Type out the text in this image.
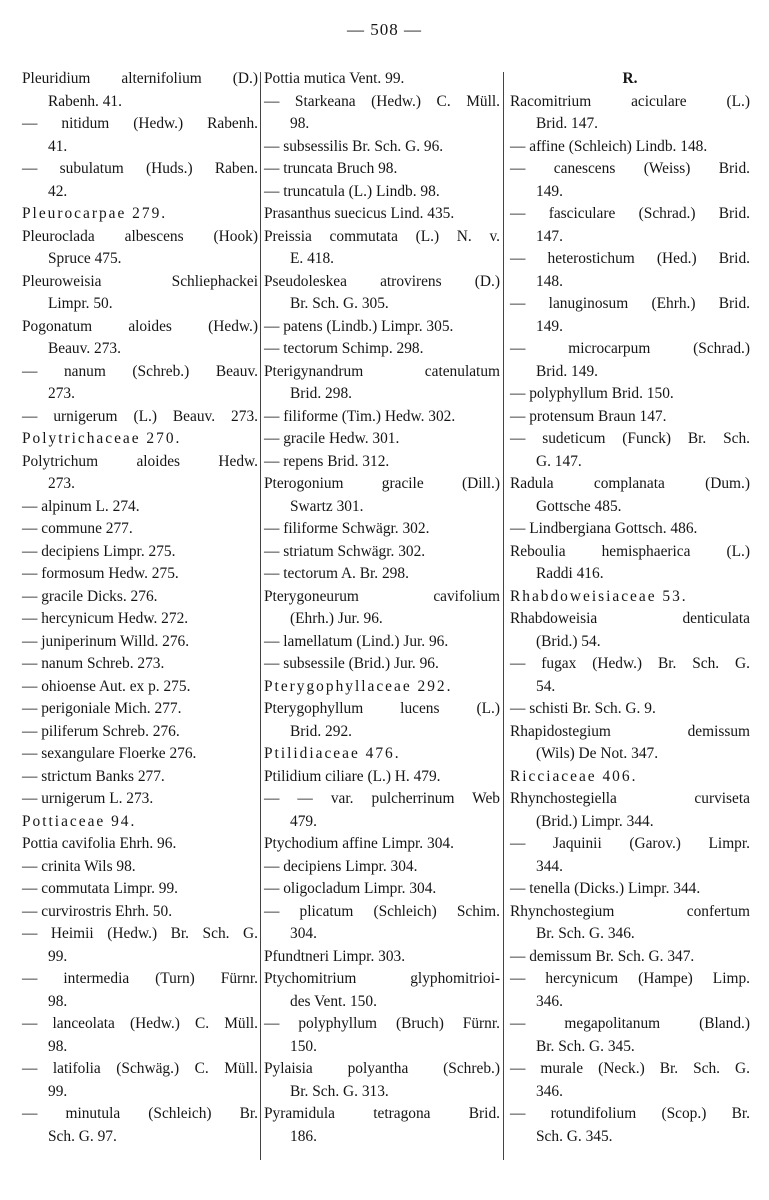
— 508 —
Pleuridium alternifolium (D.)
Rabenh. 41.
— nitidum (Hedw.) Rabenh.
41.
— subulatum (Huds.) Raben.
42.
Pleurocarpae 279.
Pleuroclada albescens (Hook)
Spruce 475.
Pleuroweisia Schliephackei
Limpr. 50.
Pogonatum aloides (Hedw.)
Beauv. 273.
— nanum (Schreb.) Beauv.
273.
— urnigerum (L.) Beauv. 273.
Polytrichaceae 270.
Polytrichum aloides Hedw.
273.
— alpinum L. 274.
— commune 277.
— decipiens Limpr. 275.
— formosum Hedw. 275.
— gracile Dicks. 276.
— hercynicum Hedw. 272.
— juniperinum Willd. 276.
— nanum Schreb. 273.
— ohioense Aut. ex p. 275.
— perigoniale Mich. 277.
— piliferum Schreb. 276.
— sexangulare Floerke 276.
— strictum Banks 277.
— urnigerum L. 273.
Pottiaceae 94.
Pottia cavifolia Ehrh. 96.
— crinita Wils 98.
— commutata Limpr. 99.
— curvirostris Ehrh. 50.
— Heimii (Hedw.) Br. Sch. G.
99.
— intermedia (Turn) Fürnr.
98.
— lanceolata (Hedw.) C. Müll.
98.
— latifolia (Schwäg.) C. Müll.
99.
— minutula (Schleich) Br.
Sch. G. 97.
Pottia mutica Vent. 99.
— Starkeana (Hedw.) C. Müll.
98.
— subsessilis Br. Sch. G. 96.
— truncata Bruch 98.
— truncatula (L.) Lindb. 98.
Prasanthus suecicus Lind. 435.
Preissia commutata (L.) N. v.
E. 418.
Pseudoleskea atrovirens (D.)
Br. Sch. G. 305.
— patens (Lindb.) Limpr. 305.
— tectorum Schimp. 298.
Pterigynandrum catenulatum
Brid. 298.
— filiforme (Tim.) Hedw. 302.
— gracile Hedw. 301.
— repens Brid. 312.
Pterogonium gracile (Dill.)
Swartz 301.
— filiforme Schwägr. 302.
— striatum Schwägr. 302.
— tectorum A. Br. 298.
Pterygoneurum cavifolium
(Ehrh.) Jur. 96.
— lamellatum (Lind.) Jur. 96.
— subsessile (Brid.) Jur. 96.
Pterygophyllaceae 292.
Pterygophyllum lucens (L.)
Brid. 292.
Ptilidiaceae 476.
Ptilidium ciliare (L.) H. 479.
— — var. pulcherrinum Web
479.
Ptychodium affine Limpr. 304.
— decipiens Limpr. 304.
— oligocladum Limpr. 304.
— plicatum (Schleich) Schim.
304.
Pfundtneri Limpr. 303.
Ptychomitrium glyphomitrioi-
des Vent. 150.
— polyphyllum (Bruch) Fürnr.
150.
Pylaisia polyantha (Schreb.)
Br. Sch. G. 313.
Pyramidula tetragona Brid.
186.
R.
Racomitrium aciculare (L.)
Brid. 147.
— affine (Schleich) Lindb. 148.
— canescens (Weiss) Brid.
149.
— fasciculare (Schrad.) Brid.
147.
— heterostichum (Hed.) Brid.
148.
— lanuginosum (Ehrh.) Brid.
149.
— microcarpum (Schrad.)
Brid. 149.
— polyphyllum Brid. 150.
— protensum Braun 147.
— sudeticum (Funck) Br. Sch.
G. 147.
Radula complanata (Dum.)
Gottsche 485.
— Lindbergiana Gottsch. 486.
Reboulia hemisphaerica (L.)
Raddi 416.
Rhabdoweisiaceae 53.
Rhabdoweisia denticulata
(Brid.) 54.
— fugax (Hedw.) Br. Sch. G.
54.
— schisti Br. Sch. G. 9.
Rhapidostegium demissum
(Wils) De Not. 347.
Ricciaceae 406.
Rhynchostegiella curviseta
(Brid.) Limpr. 344.
— Jaquinii (Garov.) Limpr.
344.
— tenella (Dicks.) Limpr. 344.
Rhynchostegium confertum
Br. Sch. G. 346.
— demissum Br. Sch. G. 347.
— hercynicum (Hampe) Limp.
346.
— megapolitanum (Bland.)
Br. Sch. G. 345.
— murale (Neck.) Br. Sch. G.
346.
— rotundifolium (Scop.) Br.
Sch. G. 345.
